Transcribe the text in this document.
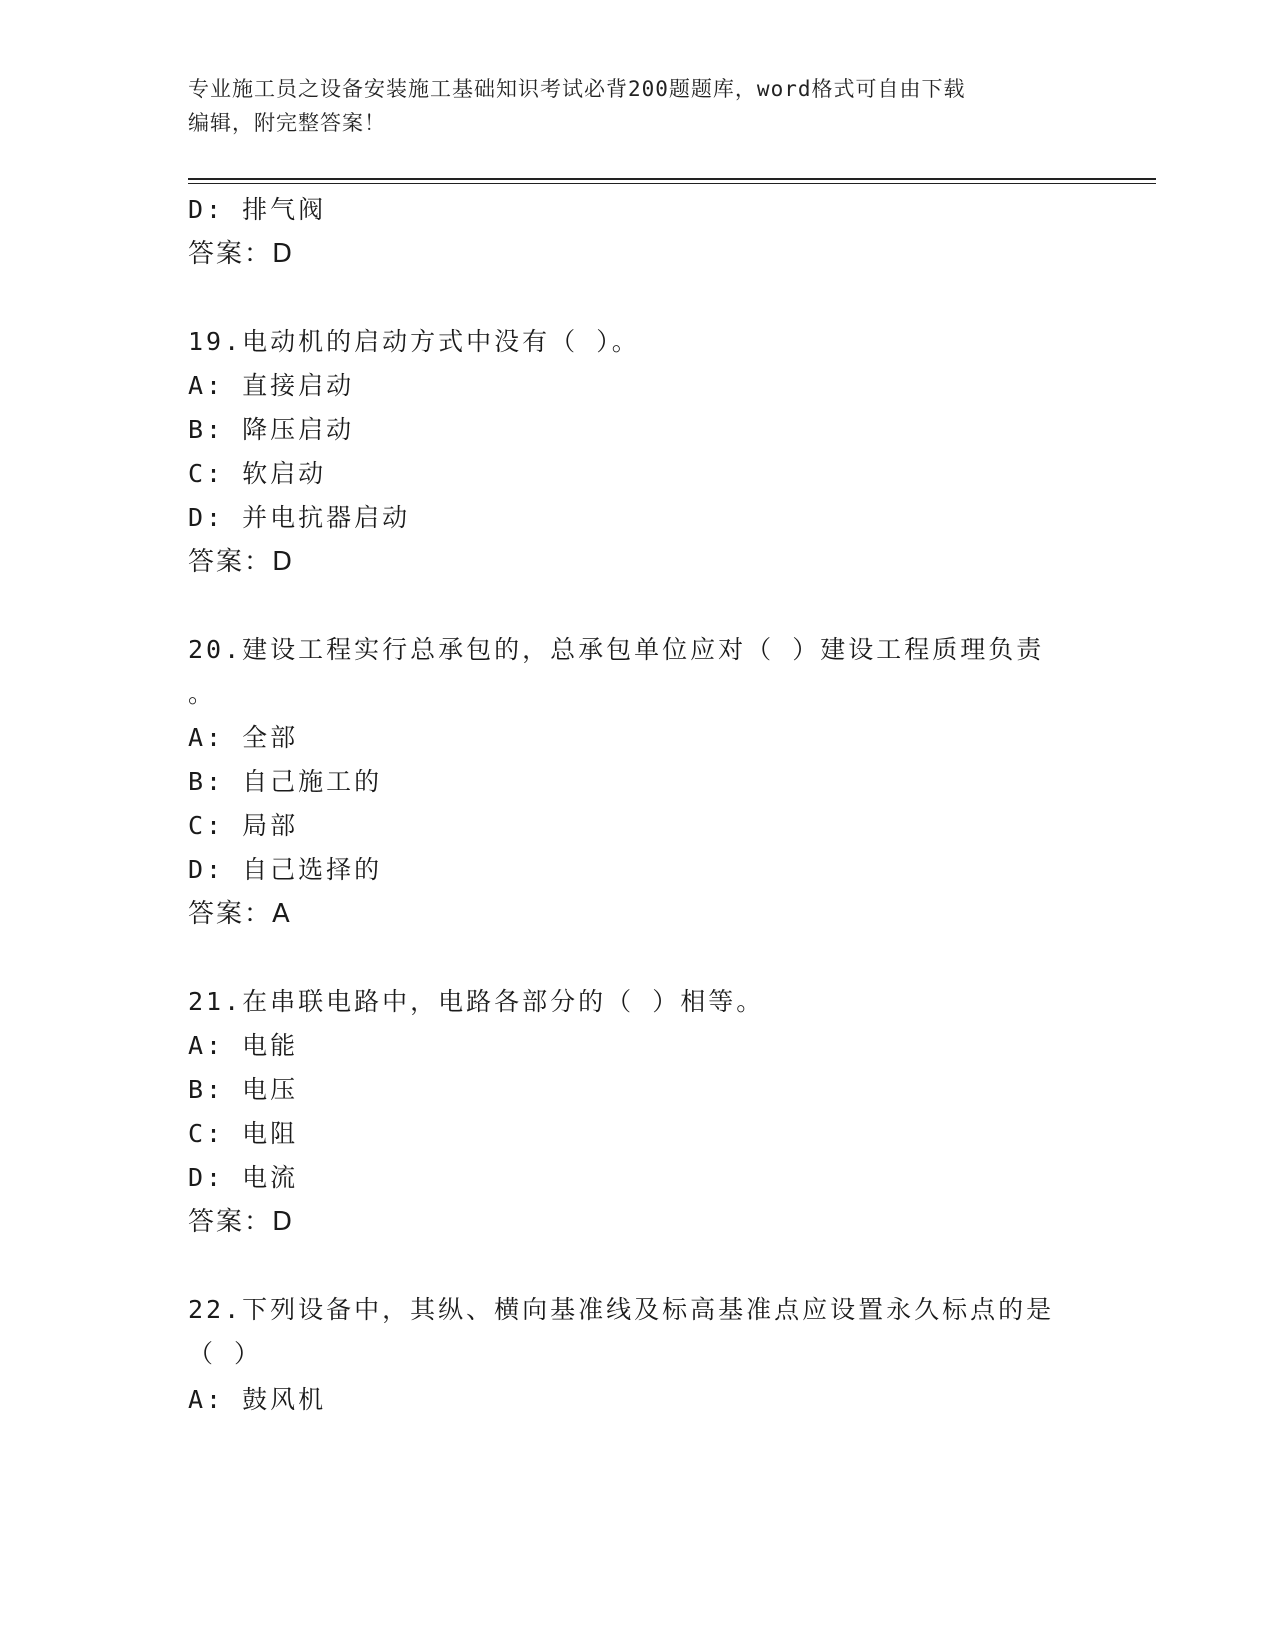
专业施工员之设备安装施工基础知识考试必背200题题库，word格式可自由下载
编辑，附完整答案！
D: 排气阀
答案：D
19.电动机的启动方式中没有（ ）。
A: 直接启动
B: 降压启动
C: 软启动
D: 并电抗器启动
答案：D
20.建设工程实行总承包的，总承包单位应对（ ）建设工程质理负责
。
A: 全部
B: 自己施工的
C: 局部
D: 自己选择的
答案：A
21.在串联电路中，电路各部分的（ ）相等。
A: 电能
B: 电压
C: 电阻
D: 电流
答案：D
22.下列设备中，其纵、横向基准线及标高基准点应设置永久标点的是
（ ）
A: 鼓风机
